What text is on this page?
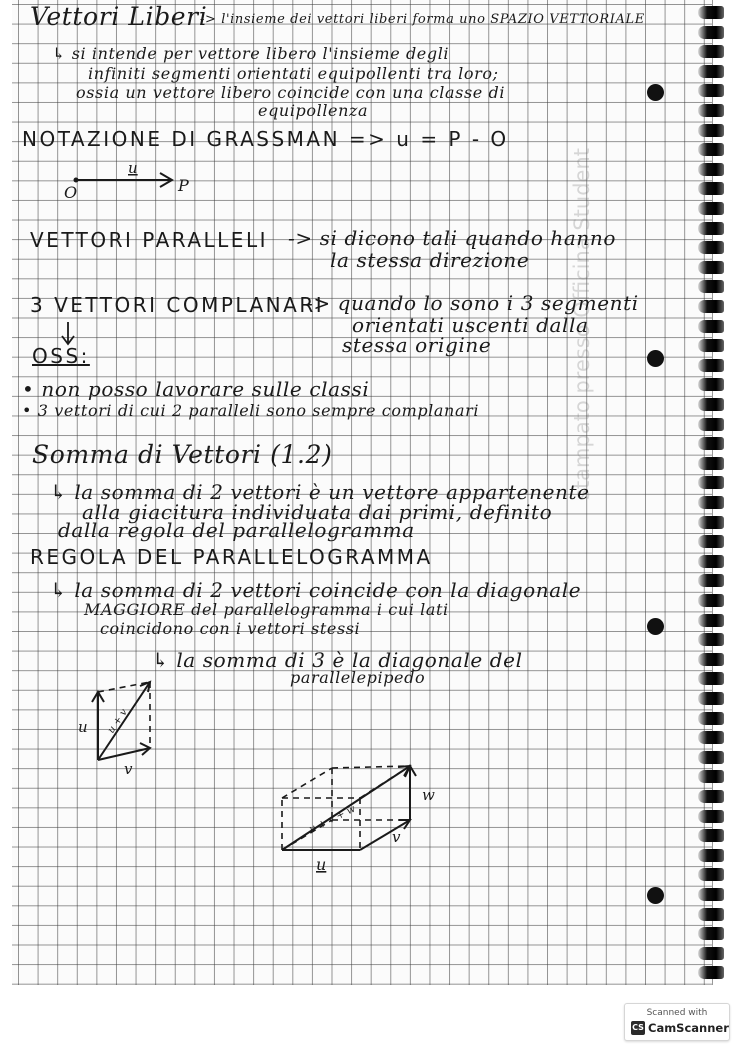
stampato presso Officina Student

Vettori Liberi

-> l'insieme dei vettori liberi forma uno SPAZIO VETTORIALE

↳ si intende per vettore libero l'insieme degli

infiniti segmenti orientati equipollenti tra loro;

ossia un vettore libero coincide con una classe di

equipollenza

NOTAZIONE DI GRASSMAN => u = P - O

O	P
u

VETTORI PARALLELI -> si dicono tali quando hanno

la stessa direzione

3 VETTORI COMPLANARI

-> quando lo sono i 3 segmenti

orientati uscenti dalla

stessa origine

OSS:

• non posso lavorare sulle classi

• 3 vettori di cui 2 paralleli sono sempre complanari

Somma di Vettori (1.2)

↳ la somma di 2 vettori è un vettore appartenente

alla giacitura individuata dai primi, definito

dalla regola del parallelogramma

REGOLA DEL PARALLELOGRAMMA

↳ la somma di 2 vettori coincide con la diagonale

MAGGIORE del parallelogramma i cui lati

coincidono con i vettori stessi

↳ la somma di 3 è la diagonale del

parallelepipedo

u
v
u + v
u
v
w
u + v + w
Scanned with
CS CamScanner
